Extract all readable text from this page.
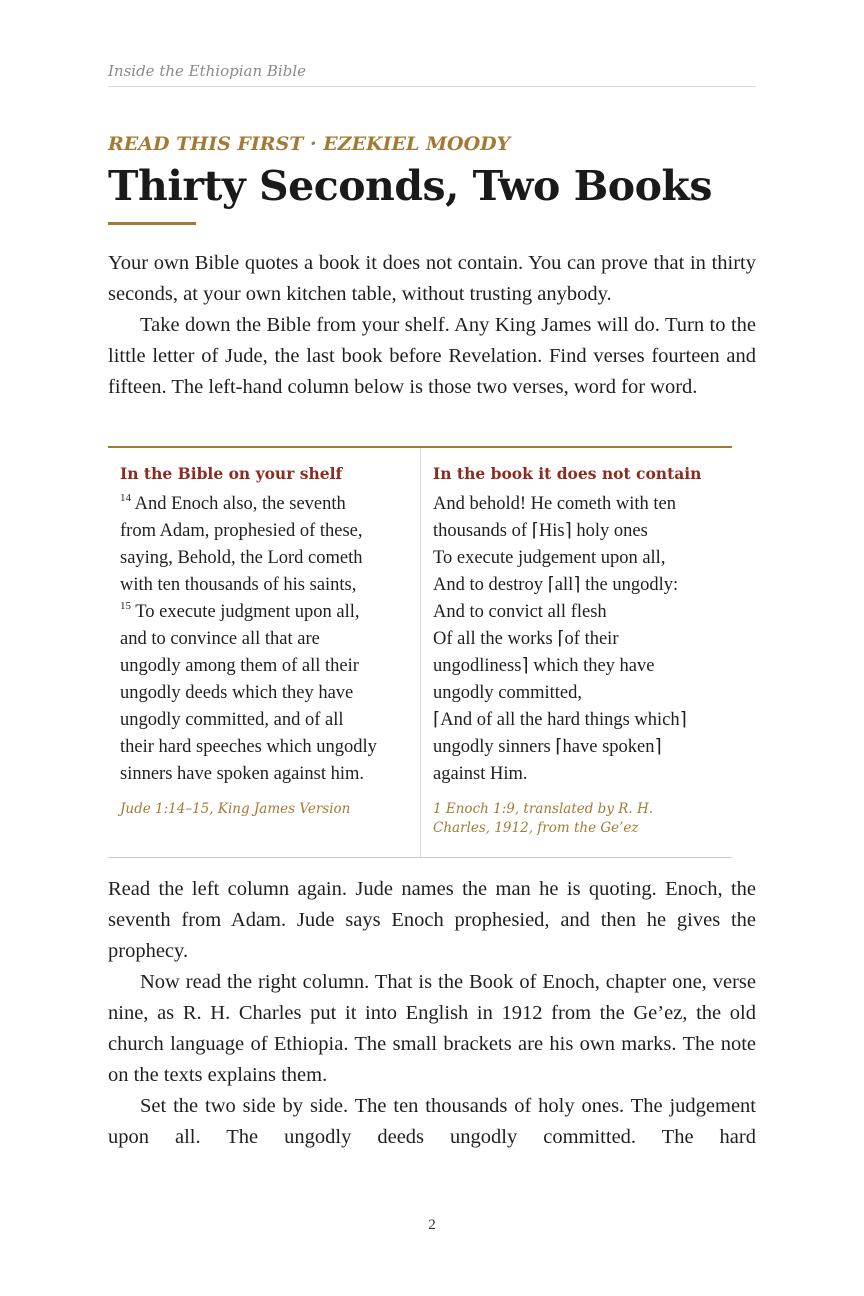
Inside the Ethiopian Bible
READ THIS FIRST · EZEKIEL MOODY
Thirty Seconds, Two Books

Your own Bible quotes a book it does not contain. You can prove that in thirty seconds, at your own kitchen table, without trusting anybody.

Take down the Bible from your shelf. Any King James will do. Turn to the little letter of Jude, the last book before Revelation. Find verses fourteen and fifteen. The left-hand column below is those two verses, word for word.

In the Bible on your shelf
$^{14}$ And Enoch also, the seventh
from Adam, prophesied of these,
saying, Behold, the Lord cometh
with ten thousands of his saints,
$^{15}$ To execute judgment upon all,
and to convince all that are
ungodly among them of all their
ungodly deeds which they have
ungodly committed, and of all
their hard speeches which ungodly
sinners have spoken against him.
Jude 1:14–15, King James Version
In the book it does not contain
And behold! He cometh with ten
thousands of ⌈His⌉ holy ones
To execute judgement upon all,
And to destroy ⌈all⌉ the ungodly:
And to convict all flesh
Of all the works ⌈of their
ungodliness⌉ which they have
ungodly committed,
⌈And of all the hard things which⌉
ungodly sinners ⌈have spoken⌉
against Him.
1 Enoch 1:9, translated by R. H. Charles, 1912, from the Ge’ez

Read the left column again. Jude names the man he is quoting. Enoch, the seventh from Adam. Jude says Enoch prophesied, and then he gives the prophecy.

Now read the right column. That is the Book of Enoch, chapter one, verse nine, as R. H. Charles put it into English in 1912 from the Ge’ez, the old church language of Ethiopia. The small brackets are his own marks. The note on the texts explains them.

Set the two side by side. The ten thousands of holy ones. The judgement upon all. The ungodly deeds ungodly committed. The hard

2
